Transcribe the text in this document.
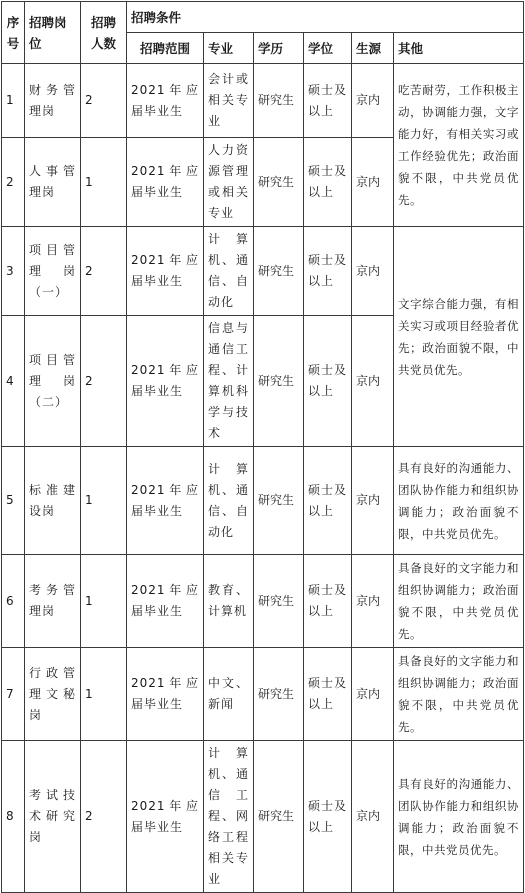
序号	招聘岗位	招聘人数	招聘条件					
			招聘范围	专业	学历	学位	生源	其他
1	财务管理岗	2	2021年应届毕业生	会计或相关专业	研究生	硕士及以上	京内	吃苦耐劳，工作积极主动，协调能力强，文字能力好，有相关实习或工作经验优先；政治面貌不限，中共党员优先。
2	人事管理岗	1	2021年应届毕业生	人力资源管理或相关专业	研究生	硕士及以上	京内	
3	项目管理岗（一）	2	2021年应届毕业生	计算机、通信、自动化	研究生	硕士及以上	京内	文字综合能力强，有相关实习或项目经验者优先；政治面貌不限，中共党员优先。
4	项目管理岗（二）	2	2021年应届毕业生	信息与通信工程、计算机科学与技术	研究生	硕士及以上	京内	
5	标准建设岗	1	2021年应届毕业生	计算机、通信、自动化	研究生	硕士及以上	京内	具有良好的沟通能力、团队协作能力和组织协调能力；政治面貌不限，中共党员优先。
6	考务管理岗	1	2021年应届毕业生	教育、计算机	研究生	硕士及以上	京内	具备良好的文字能力和组织协调能力；政治面貌不限，中共党员优先。
7	行政管理文秘岗	1	2021年应届毕业生	中文、新闻	研究生	硕士及以上	京内	具备良好的文字能力和组织协调能力；政治面貌不限，中共党员优先。
8	考试技术研究岗	2	2021年应届毕业生	计算机、通信工程、网络工程相关专业	研究生	硕士及以上	京内	具有良好的沟通能力、团队协作能力和组织协调能力；政治面貌不限，中共党员优先。
